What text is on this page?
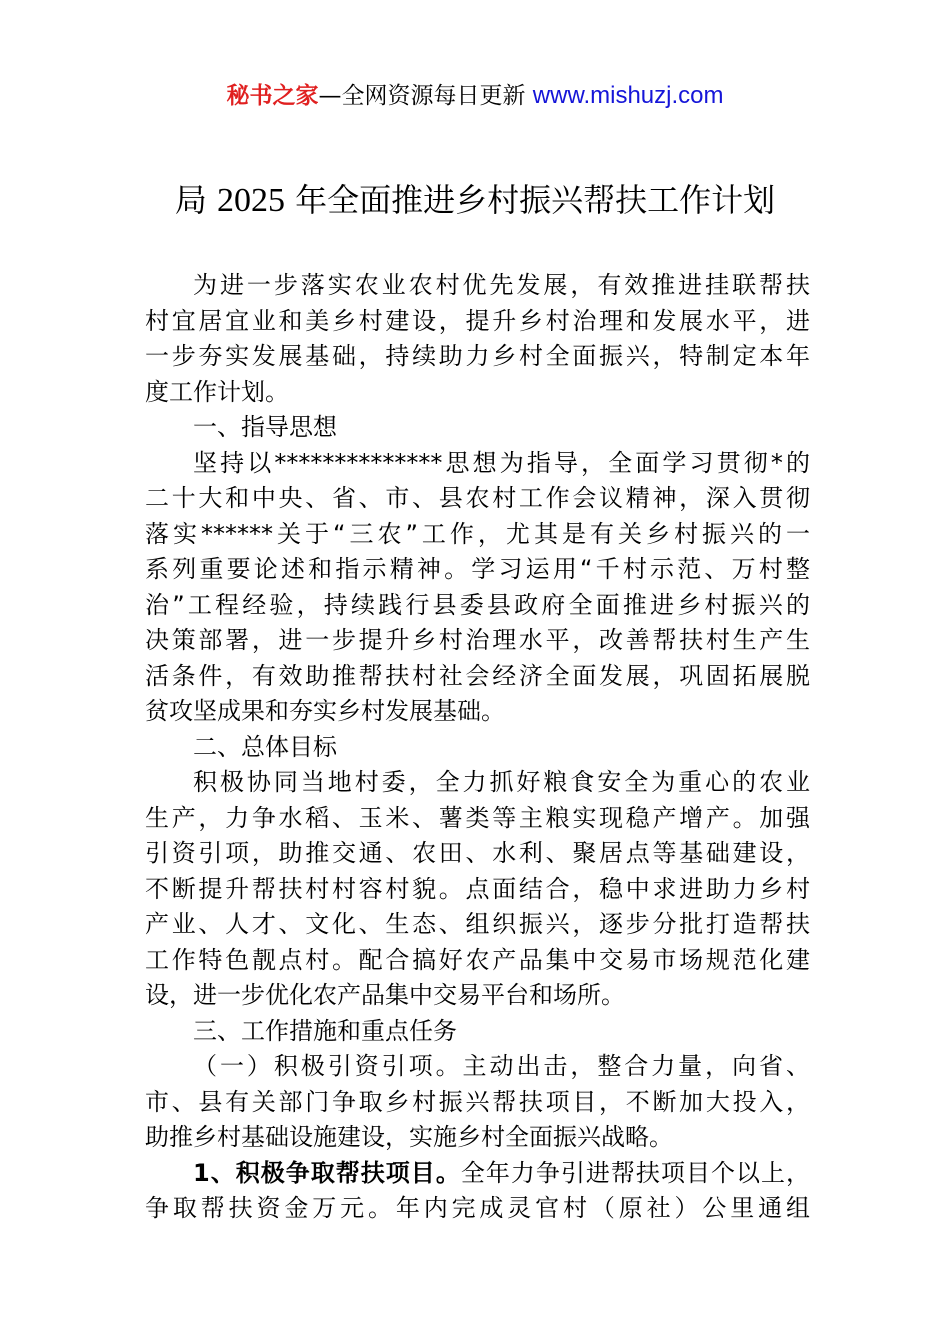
秘书之家—全网资源每日更新 www.mishuzj.com
局 2025 年全面推进乡村振兴帮扶工作计划
为进一步落实农业农村优先发展，有效推进挂联帮扶
村宜居宜业和美乡村建设，提升乡村治理和发展水平，进
一步夯实发展基础，持续助力乡村全面振兴，特制定本年
度工作计划。
一、指导思想
坚持以**************思想为指导，全面学习贯彻*的
二十大和中央、省、市、县农村工作会议精神，深入贯彻
落实******关于“三农”工作，尤其是有关乡村振兴的一
系列重要论述和指示精神。学习运用“千村示范、万村整
治”工程经验，持续践行县委县政府全面推进乡村振兴的
决策部署，进一步提升乡村治理水平，改善帮扶村生产生
活条件，有效助推帮扶村社会经济全面发展，巩固拓展脱
贫攻坚成果和夯实乡村发展基础。
二、总体目标
积极协同当地村委，全力抓好粮食安全为重心的农业
生产，力争水稻、玉米、薯类等主粮实现稳产增产。加强
引资引项，助推交通、农田、水利、聚居点等基础建设，
不断提升帮扶村村容村貌。点面结合，稳中求进助力乡村
产业、人才、文化、生态、组织振兴，逐步分批打造帮扶
工作特色靓点村。配合搞好农产品集中交易市场规范化建
设，进一步优化农产品集中交易平台和场所。
三、工作措施和重点任务
（一）积极引资引项。主动出击，整合力量，向省、
市、县有关部门争取乡村振兴帮扶项目，不断加大投入，
助推乡村基础设施建设，实施乡村全面振兴战略。
1、积极争取帮扶项目。全年力争引进帮扶项目个以上，
争取帮扶资金万元。年内完成灵官村（原社）公里通组
